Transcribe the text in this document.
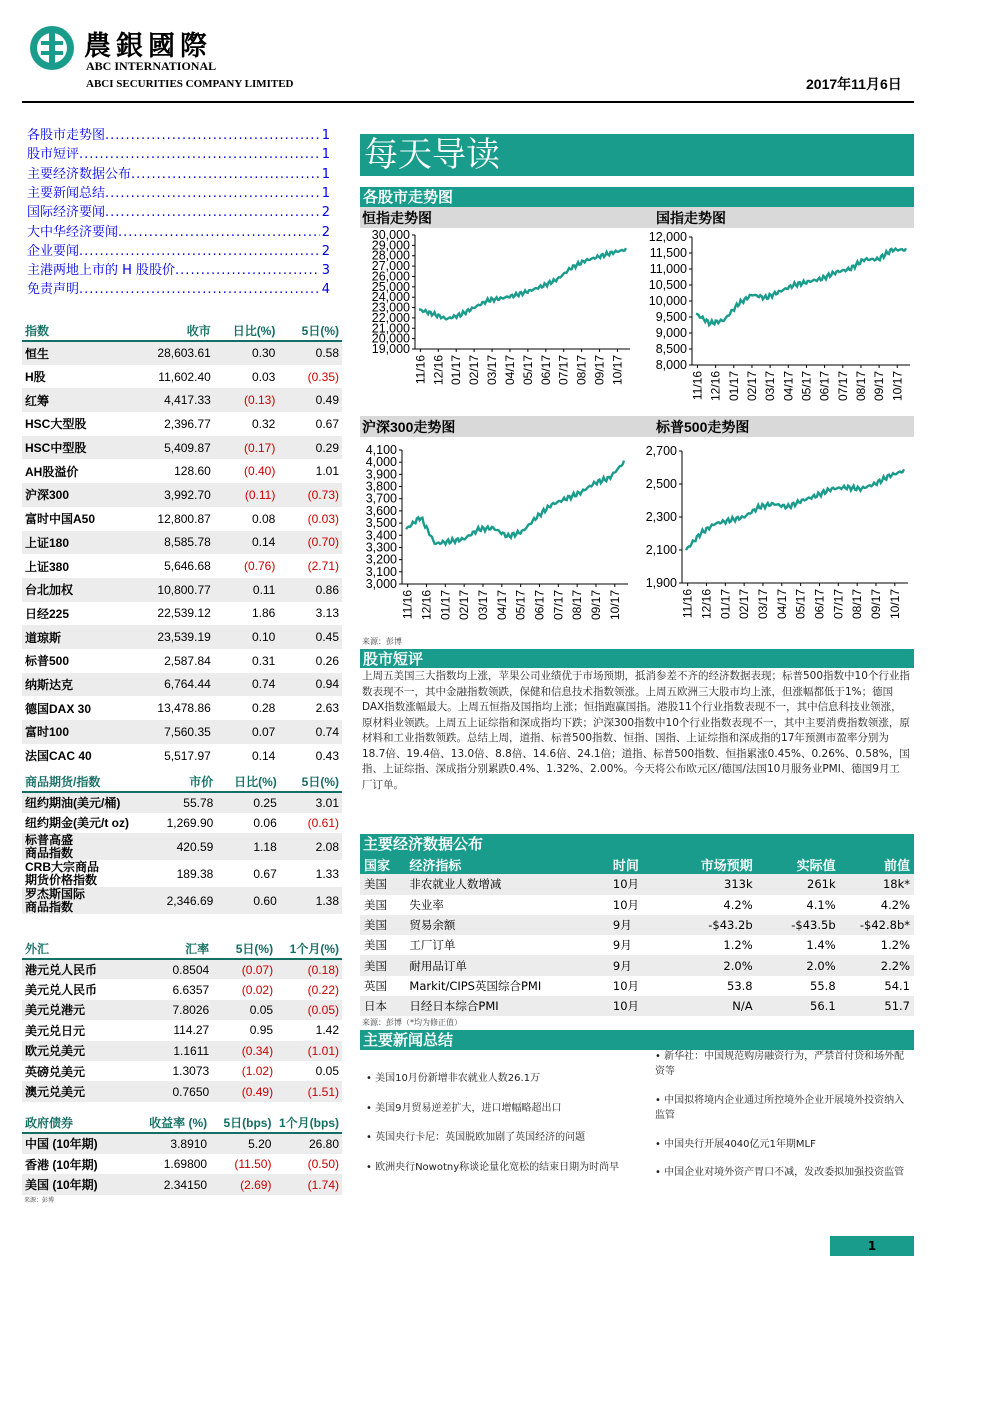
農銀國際
ABC INTERNATIONAL
ABCI SECURITIES COMPANY LIMITED	2017年11月6日
各股市走势图 .....	1
股市短评 .....	1
主要经济数据公布 .....	1
主要新闻总结 .....	1
国际经济要闻 .....	2
大中华经济要闻 .....	2
企业要闻 .....	2
主港两地上市的 H 股股价 .....	3
免责声明 .....	4
指数	收市	日比(%)	5日(%)
恒生	28,603.61	0.30	0.58
H股	11,602.40	0.03	(0.35)
红筹	4,417.33	(0.13)	0.49
HSC大型股	2,396.77	0.32	0.67
HSC中型股	5,409.87	(0.17)	0.29
AH股溢价	128.60	(0.40)	1.01
沪深300	3,992.70	(0.11)	(0.73)
富时中国A50	12,800.87	0.08	(0.03)
上证180	8,585.78	0.14	(0.70)
上证380	5,646.68	(0.76)	(2.71)
台北加权	10,800.77	0.11	0.86
日经225	22,539.12	1.86	3.13
道琼斯	23,539.19	0.10	0.45
标普500	2,587.84	0.31	0.26
纳斯达克	6,764.44	0.74	0.94
德国DAX 30	13,478.86	0.28	2.63
富时100	7,560.35	0.07	0.74
法国CAC 40	5,517.97	0.14	0.43
商品期货/指数	市价	日比(%)	5日(%)
纽约期油(美元/桶)	55.78	0.25	3.01
纽约期金(美元/t oz)	1,269.90	0.06	(0.61)
标普高盛
商品指数	420.59	1.18	2.08
CRB大宗商品
期货价格指数	189.38	0.67	1.33
罗杰斯国际
商品指数	2,346.69	0.60	1.38
外汇	汇率	5日(%)	1个月(%)
港元兑人民币	0.8504	(0.07)	(0.18)
美元兑人民币	6.6357	(0.02)	(0.22)
美元兑港元	7.8026	0.05	(0.05)
美元兑日元	114.27	0.95	1.42
欧元兑美元	1.1611	(0.34)	(1.01)
英磅兑美元	1.3073	(1.02)	0.05
澳元兑美元	0.7650	(0.49)	(1.51)
政府债券	收益率 (%)	5日(bps)	1个月(bps)
中国 (10年期)	3.8910	5.20	26.80
香港 (10年期)	1.69800	(11.50)	(0.50)
美国 (10年期)	2.34150	(2.69)	(1.74)
来源：彭博
每天导读
各股市走势图
恒指走势图
30,000
29,000
28,000
27,000
26,000
25,000
24,000
23,000
22,000
21,000
20,000
19,000
11/16 12/16 01/17 02/17 03/17 04/17 05/17 06/17 07/17 08/17 09/17 10/17
国指走势图
12,000
11,500
11,000
10,500
10,000
9,500
9,000
8,500
8,000
11/16 12/16 01/17 02/17 03/17 04/17 05/17 06/17 07/17 08/17 09/17 10/17
沪深300走势图
4,100
4,000
3,900
3,800
3,700
3,600
3,500
3,400
3,300
3,200
3,100
3,000
11/16 12/16 01/17 02/17 03/17 04/17 05/17 06/17 07/17 08/17 09/17 10/17
标普500走势图
2,700
2,500
2,300
2,100
1,900
11/16 12/16 01/17 02/17 03/17 04/17 05/17 06/17 07/17 08/17 09/17 10/17
来源：彭博
股市短评
上周五美国三大指数均上涨，苹果公司业绩优于市场预期，抵消参差不齐的经济数据表现；标普500指数中10个行业指数表现不一，其中金融指数领跌，保健和信息技术指数领涨。上周五欧洲三大股市均上涨，但涨幅都低于1%；德国DAX指数涨幅最大。上周五恒指及国指均上涨；恒指跑赢国指。港股11个行业指数表现不一，其中信息科技业领涨，原材料业领跌。上周五上证综指和深成指均下跌；沪深300指数中10个行业指数表现不一，其中主要消费指数领涨，原材料和工业指数领跌。总结上周，道指、标普500指数、恒指、国指、上证综指和深成指的17年预测市盈率分别为18.7倍、19.4倍、13.0倍、8.8倍、14.6倍、24.1倍；道指、标普500指数、恒指累涨0.45%、0.26%、0.58%，国指、上证综指、深成指分别累跌0.4%、1.32%、2.00%。今天将公布欧元区/德国/法国10月服务业PMI、德国9月工厂订单。
主要经济数据公布
国家	经济指标	时间	市场预期	实际值	前值
美国	非农就业人数增减	10月	313k	261k	18k*
美国	失业率	10月	4.2%	4.1%	4.2%
美国	贸易余额	9月	-$43.2b	-$43.5b	-$42.8b*
美国	工厂订单	9月	1.2%	1.4%	1.2%
美国	耐用品订单	9月	2.0%	2.0%	2.2%
英国	Markit/CIPS英国综合PMI	10月	53.8	55.8	54.1
日本	日经日本综合PMI	10月	N/A	56.1	51.7
来源：彭博（*均为修正值）
主要新闻总结
• 美国10月份新增非农就业人数26.1万
• 美国9月贸易逆差扩大，进口增幅略超出口
• 英国央行卡尼：英国脱欧加剧了英国经济的问题
• 欧洲央行Nowotny称谈论量化宽松的结束日期为时尚早
• 新华社：中国规范购房融资行为，严禁首付贷和场外配资等
• 中国拟将境内企业通过所控境外企业开展境外投资纳入监管
• 中国央行开展4040亿元1年期MLF
• 中国企业对境外资产胃口不减，发改委拟加强投资监管
1
